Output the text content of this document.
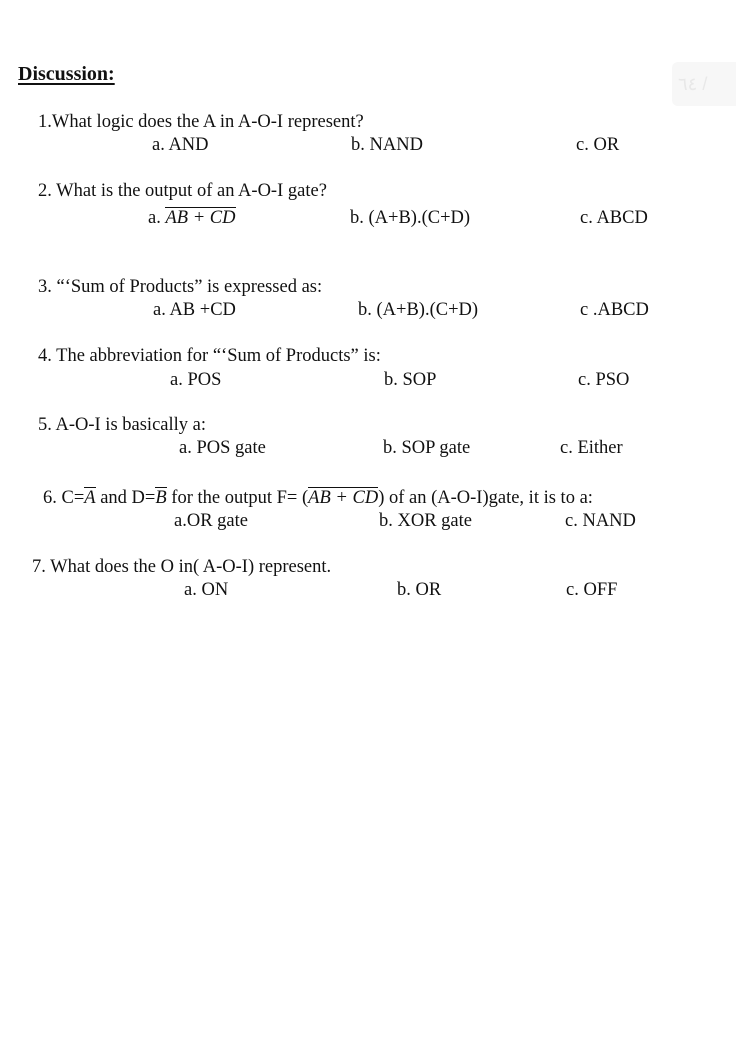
Discussion:	٦٤ /
1.What logic does the A in A-O-I represent?
a. AND	b. NAND	c. OR
2. What is the output of an A-O-I gate?
a. AB + CD	b. (A+B).(C+D)	c. ABCD
3. “‘Sum of Products” is expressed as:
a. AB +CD	b. (A+B).(C+D)	c .ABCD
4. The abbreviation for “‘Sum of Products” is:
a. POS	b. SOP	c. PSO
5. A-O-I is basically a:
a. POS gate	b. SOP gate	c. Either
6. C=A and D=B for the output F= (AB + CD) of an (A-O-I)gate, it is to a:
a.OR gate	b. XOR gate	c. NAND
7. What does the O in( A-O-I) represent.
a. ON	b. OR	c. OFF
